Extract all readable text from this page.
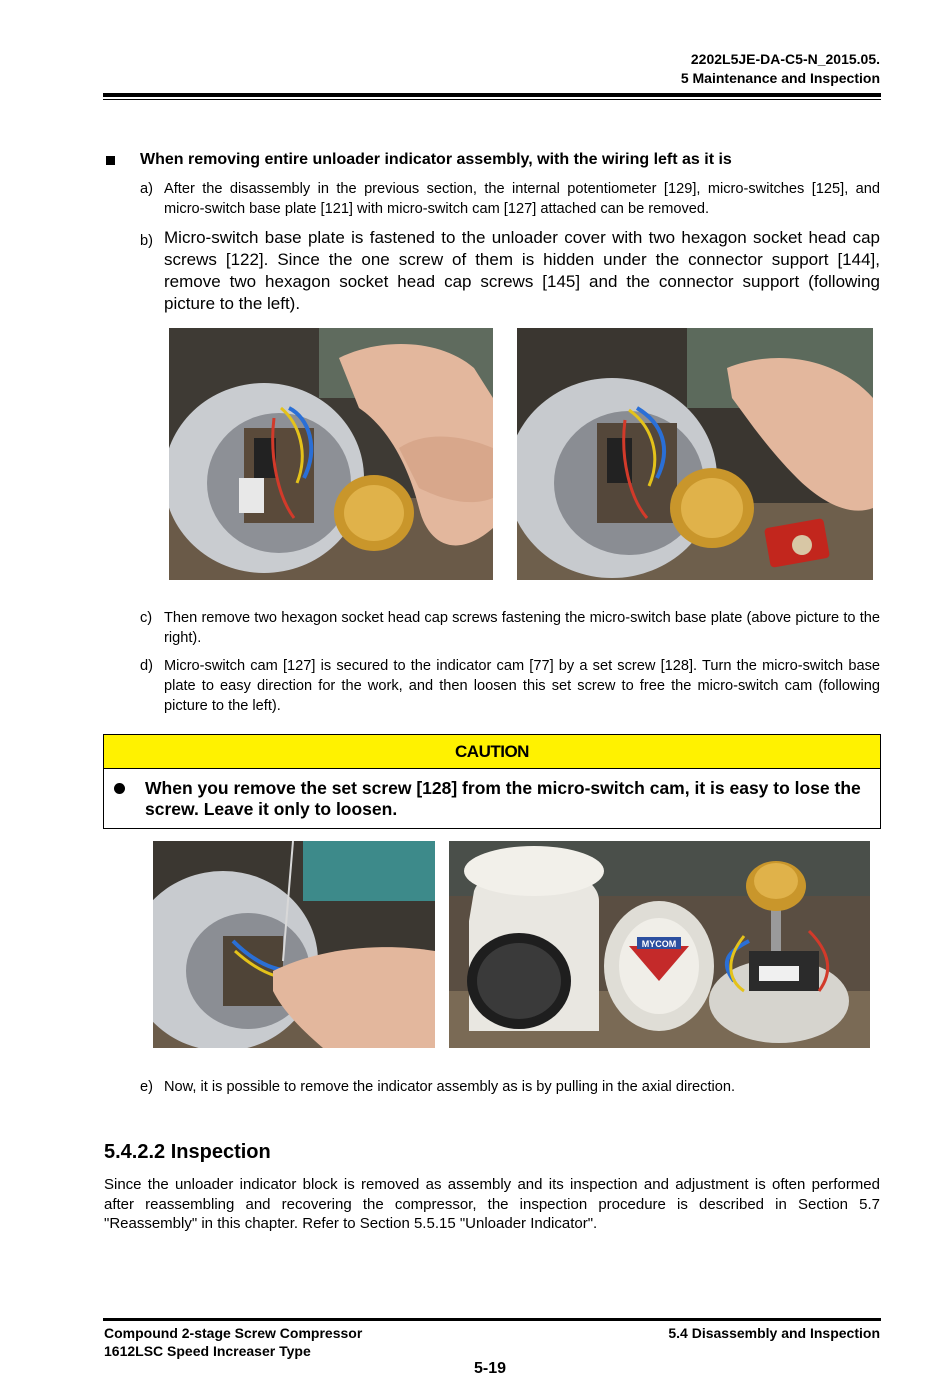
2202L5JE-DA-C5-N_2015.05.
5 Maintenance and Inspection
When removing entire unloader indicator assembly, with the wiring left as it is
a) After the disassembly in the previous section, the internal potentiometer [129], micro-switches [125], and micro-switch base plate [121] with micro-switch cam [127] attached can be removed.
b) Micro-switch base plate is fastened to the unloader cover with two hexagon socket head cap screws [122]. Since the one screw of them is hidden under the connector support [144], remove two hexagon socket head cap screws [145] and the connector support (following picture to the left).
c) Then remove two hexagon socket head cap screws fastening the micro-switch base plate (above picture to the right).
d) Micro-switch cam [127] is secured to the indicator cam [77] by a set screw [128]. Turn the micro-switch base plate to easy direction for the work, and then loosen this set screw to free the micro-switch cam (following picture to the left).
CAUTION
When you remove the set screw [128] from the micro-switch cam, it is easy to lose the screw. Leave it only to loosen.
MYCOM
e) Now, it is possible to remove the indicator assembly as is by pulling in the axial direction.
5.4.2.2 Inspection
Since the unloader indicator block is removed as assembly and its inspection and adjustment is often performed after reassembling and recovering the compressor, the inspection procedure is described in Section 5.7 "Reassembly" in this chapter. Refer to Section 5.5.15 "Unloader Indicator".
Compound 2-stage Screw Compressor
1612LSC Speed Increaser Type
5.4 Disassembly and Inspection
5-19
